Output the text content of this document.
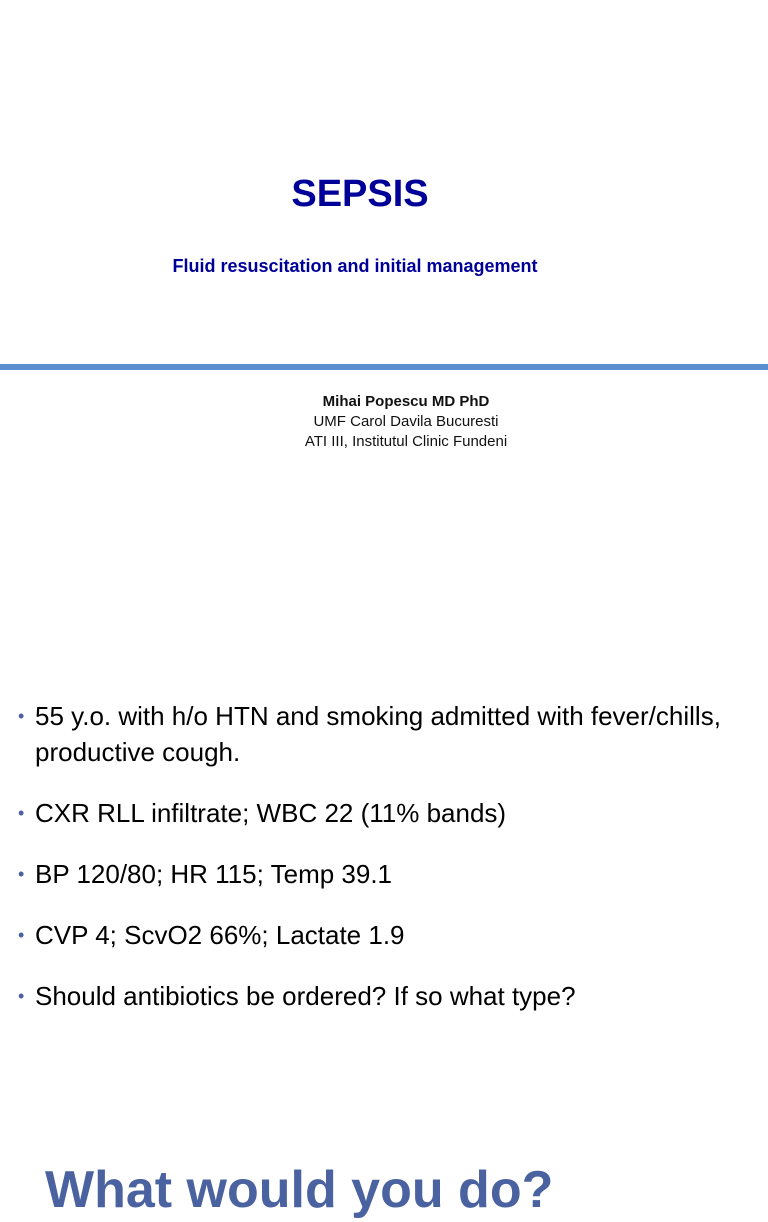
SEPSIS
Fluid resuscitation and initial management
Mihai Popescu MD PhD
UMF Carol Davila Bucuresti
ATI III, Institutul Clinic Fundeni
What would you do?
• 55 y.o. with h/o HTN and smoking admitted with fever/chills, productive cough.
• CXR RLL infiltrate; WBC 22 (11% bands)
• BP 120/80; HR 115; Temp 39.1
• CVP 4; ScvO2 66%; Lactate 1.9
• Should antibiotics be ordered? If so what type?
